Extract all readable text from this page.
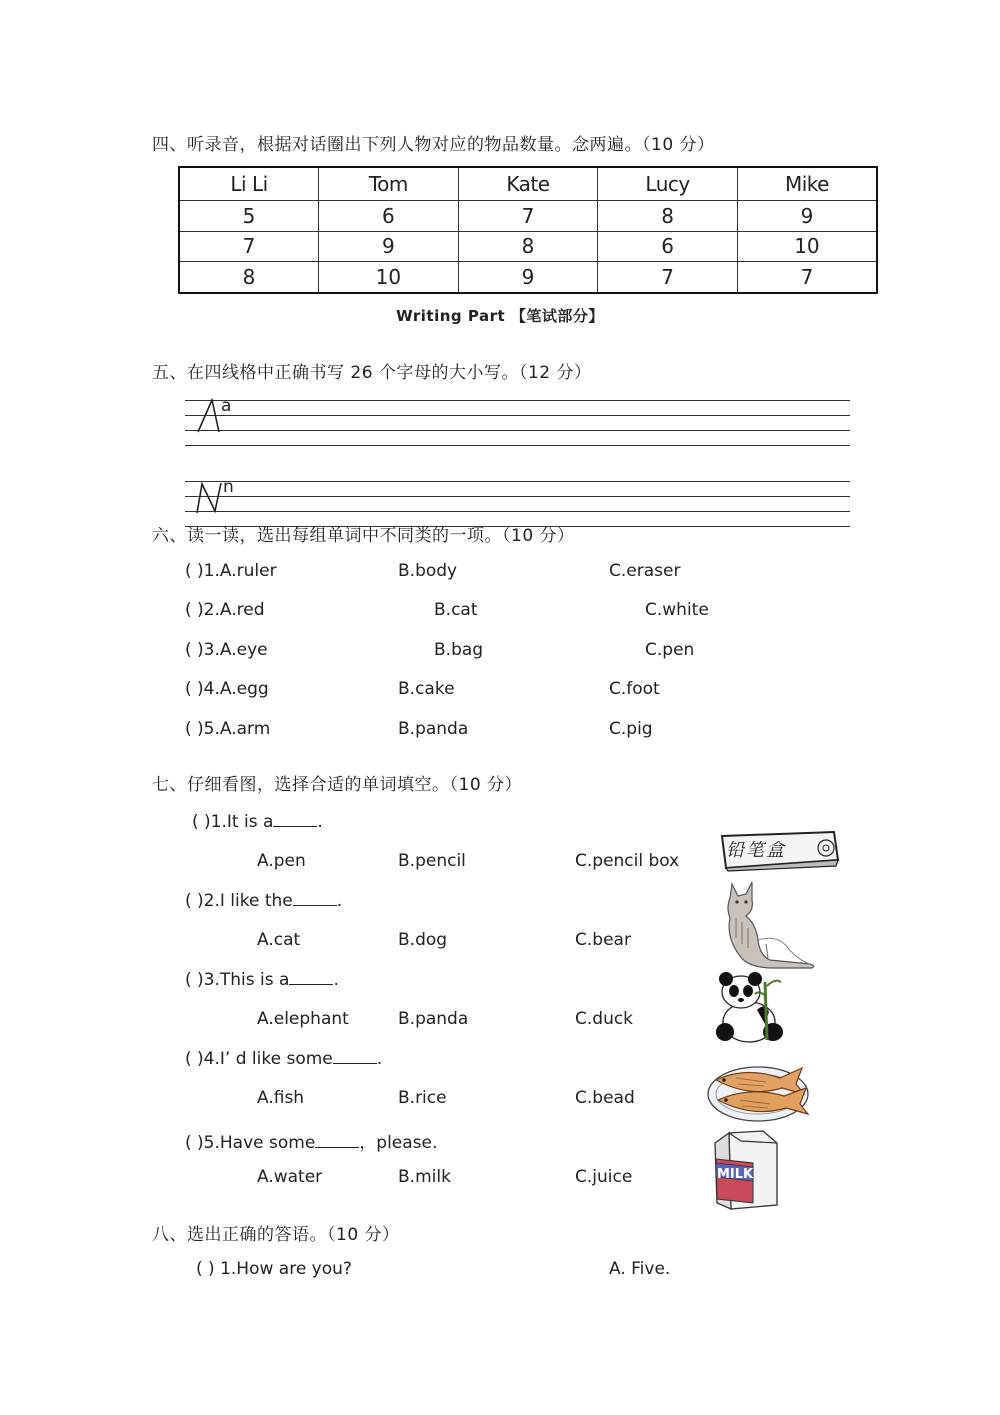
四、听录音，根据对话圈出下列人物对应的物品数量。念两遍。（10 分）
Li Li	Tom	Kate	Lucy	Mike
5	6	7	8	9
7	9	8	6	10
8	10	9	7	7
Writing Part 【笔试部分】
五、在四线格中正确书写 26 个字母的大小写。（12 分）
a
n
六、读一读，选出每组单词中不同类的一项。（10 分）
( )1.A.ruler	B.body	C.eraser
( )2.A.red	B.cat	C.white
( )3.A.eye	B.bag	C.pen
( )4.A.egg	B.cake	C.foot
( )5.A.arm	B.panda	C.pig
七、仔细看图，选择合适的单词填空。（10 分）
( )1.It is a	.
A.pen	B.pencil	C.pencil box
( )2.I like the	.
A.cat	B.dog	C.bear
( )3.This is a	.
A.elephant	B.panda	C.duck
( )4.I’ d like some	.
A.fish	B.rice	C.bead
( )5.Have some	，please.
A.water	B.milk	C.juice
铅笔盒
MILK
八、选出正确的答语。（10 分）
( ) 1.How are you?	A. Five.
